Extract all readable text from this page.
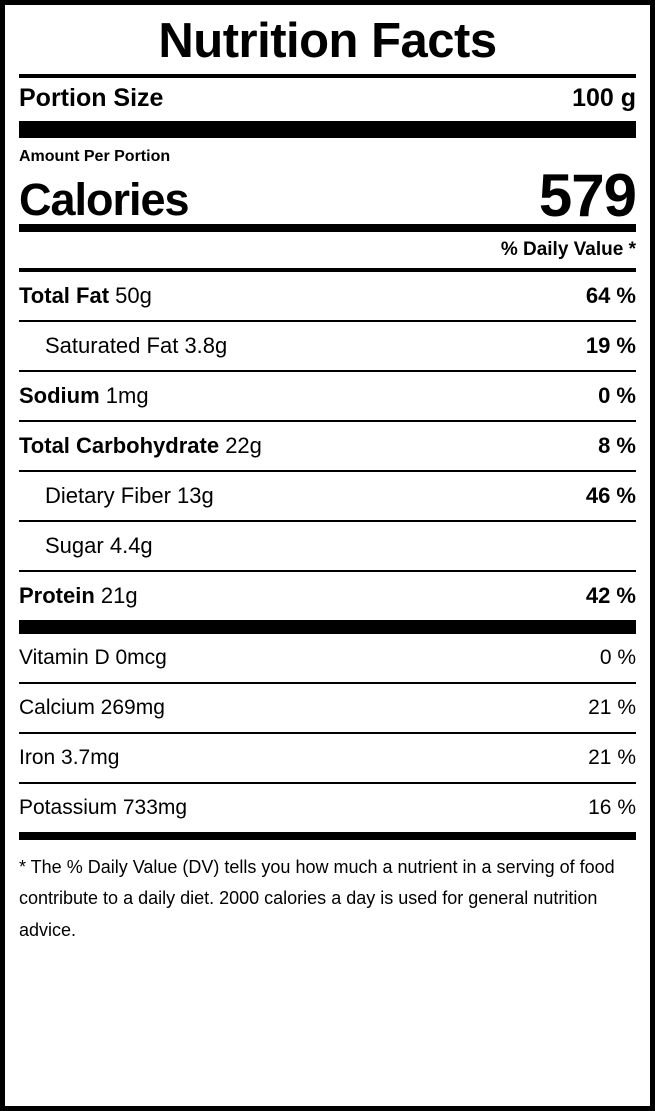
Nutrition Facts
Portion Size	100 g
Amount Per Portion
Calories	579
% Daily Value *
Total Fat 50g	64 %
Saturated Fat 3.8g	19 %
Sodium 1mg	0 %
Total Carbohydrate 22g	8 %
Dietary Fiber 13g	46 %
Sugar 4.4g
Protein 21g	42 %
Vitamin D 0mcg	0 %
Calcium 269mg	21 %
Iron 3.7mg	21 %
Potassium 733mg	16 %
* The % Daily Value (DV) tells you how much a nutrient in a serving of food contribute to a daily diet. 2000 calories a day is used for general nutrition advice.
